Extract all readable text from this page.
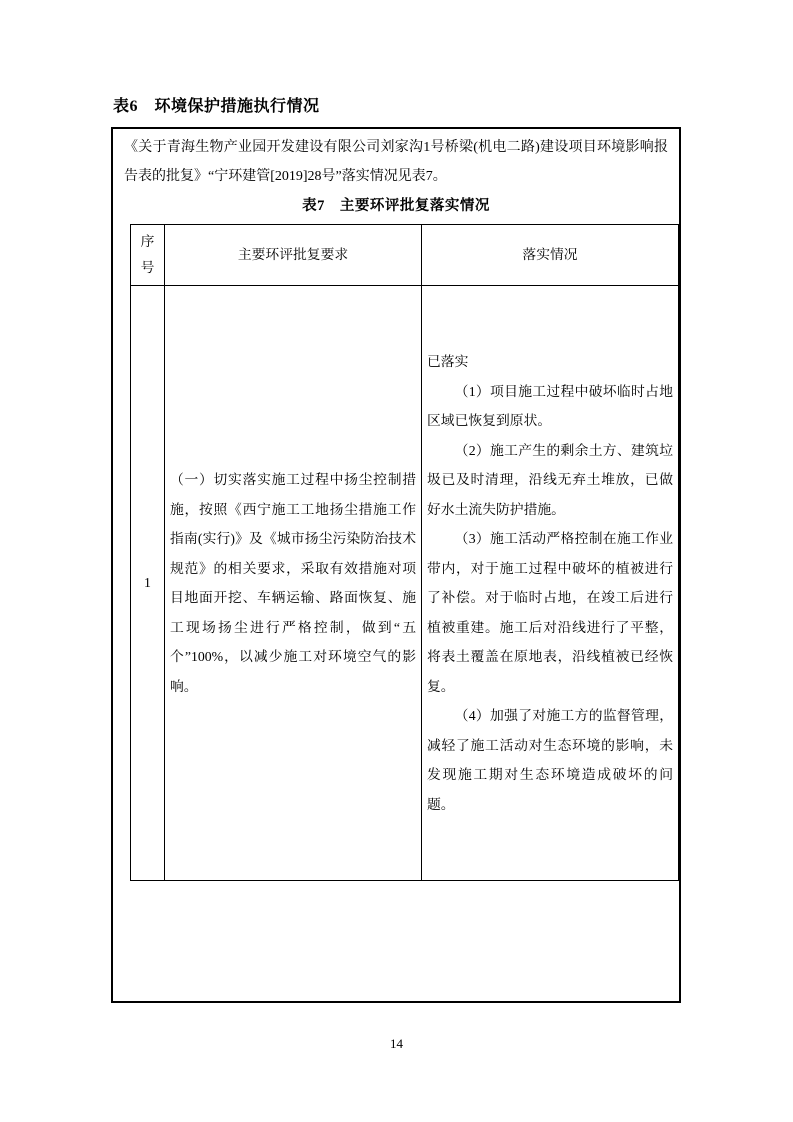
表6　环境保护措施执行情况

《关于青海生物产业园开发建设有限公司刘家沟1号桥梁(机电二路)建设项目环境影响报告表的批复》“宁环建管[2019]28号”落实情况见表7。

表7　主要环评批复落实情况

序号	主要环评批复要求	落实情况
1	（一）切实落实施工过程中扬尘控制措施，按照《西宁施工工地扬尘措施工作指南(实行)》及《城市扬尘污染防治技术规范》的相关要求，采取有效措施对项目地面开挖、车辆运输、路面恢复、施工现场扬尘进行严格控制，做到“五个”100%，以减少施工对环境空气的影响。	已落实

（1）项目施工过程中破坏临时占地区域已恢复到原状。

（2）施工产生的剩余土方、建筑垃圾已及时清理，沿线无弃土堆放，已做好水土流失防护措施。

（3）施工活动严格控制在施工作业带内，对于施工过程中破坏的植被进行了补偿。对于临时占地，在竣工后进行植被重建。施工后对沿线进行了平整，将表土覆盖在原地表，沿线植被已经恢复。

（4）加强了对施工方的监督管理，减轻了施工活动对生态环境的影响，未发现施工期对生态环境造成破坏的问题。

14
